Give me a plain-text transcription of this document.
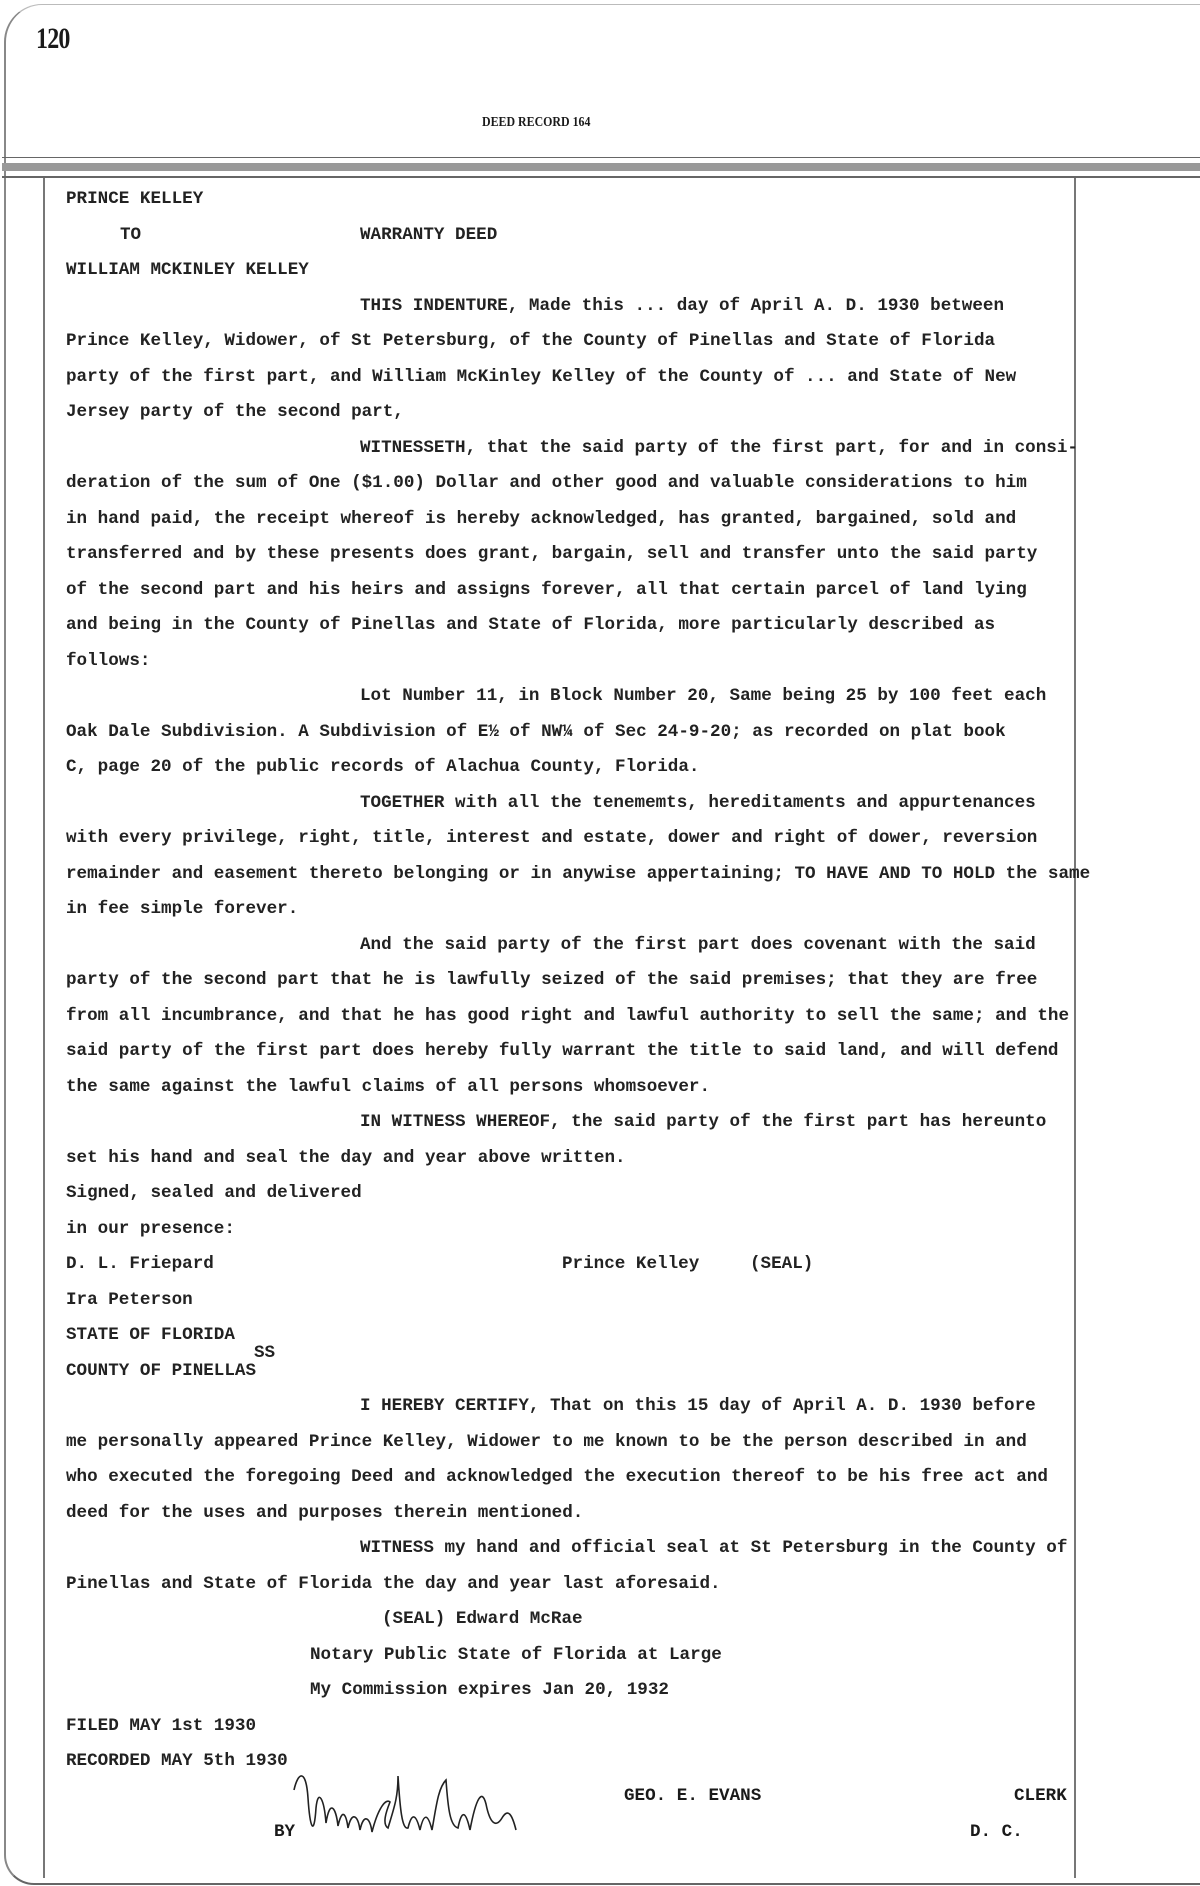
120
DEED RECORD 164
PRINCE KELLEY
TO	WARRANTY DEED
WILLIAM MCKINLEY KELLEY
THIS INDENTURE, Made this ... day of April A. D. 1930 between
Prince Kelley, Widower, of St Petersburg, of the County of Pinellas and State of Florida
party of the first part, and William McKinley Kelley of the County of ... and State of New
Jersey party of the second part,
WITNESSETH, that the said party of the first part, for and in consi-
deration of the sum of One ($1.00) Dollar and other good and valuable considerations to him
in hand paid, the receipt whereof is hereby acknowledged, has granted, bargained, sold and
transferred and by these presents does grant, bargain, sell and transfer unto the said party
of the second part and his heirs and assigns forever, all that certain parcel of land lying
and being in the County of Pinellas and State of Florida, more particularly described as
follows:
Lot Number 11, in Block Number 20, Same being 25 by 100 feet each
Oak Dale Subdivision. A Subdivision of E½ of NW¼ of Sec 24-9-20; as recorded on plat book
C, page 20 of the public records of Alachua County, Florida.
TOGETHER with all the tenememts, hereditaments and appurtenances
with every privilege, right, title, interest and estate, dower and right of dower, reversion
remainder and easement thereto belonging or in anywise appertaining; TO HAVE AND TO HOLD the same
in fee simple forever.
And the said party of the first part does covenant with the said
party of the second part that he is lawfully seized of the said premises; that they are free
from all incumbrance, and that he has good right and lawful authority to sell the same; and the
said party of the first part does hereby fully warrant the title to said land, and will defend
the same against the lawful claims of all persons whomsoever.
IN WITNESS WHEREOF, the said party of the first part has hereunto
set his hand and seal the day and year above written.
Signed, sealed and delivered
in our presence:
D. L. Friepard	Prince Kelley	(SEAL)
Ira Peterson
STATE OF FLORIDA
COUNTY OF PINELLAS
SS
I HEREBY CERTIFY, That on this 15 day of April A. D. 1930 before
me personally appeared Prince Kelley, Widower to me known to be the person described in and
who executed the foregoing Deed and acknowledged the execution thereof to be his free act and
deed for the uses and purposes therein mentioned.
WITNESS my hand and official seal at St Petersburg in the County of
Pinellas and State of Florida the day and year last aforesaid.
(SEAL) Edward McRae
Notary Public State of Florida at Large
My Commission expires Jan 20, 1932
FILED MAY 1st 1930
RECORDED MAY 5th 1930
BY
GEO. E. EVANS	CLERK
D. C.
